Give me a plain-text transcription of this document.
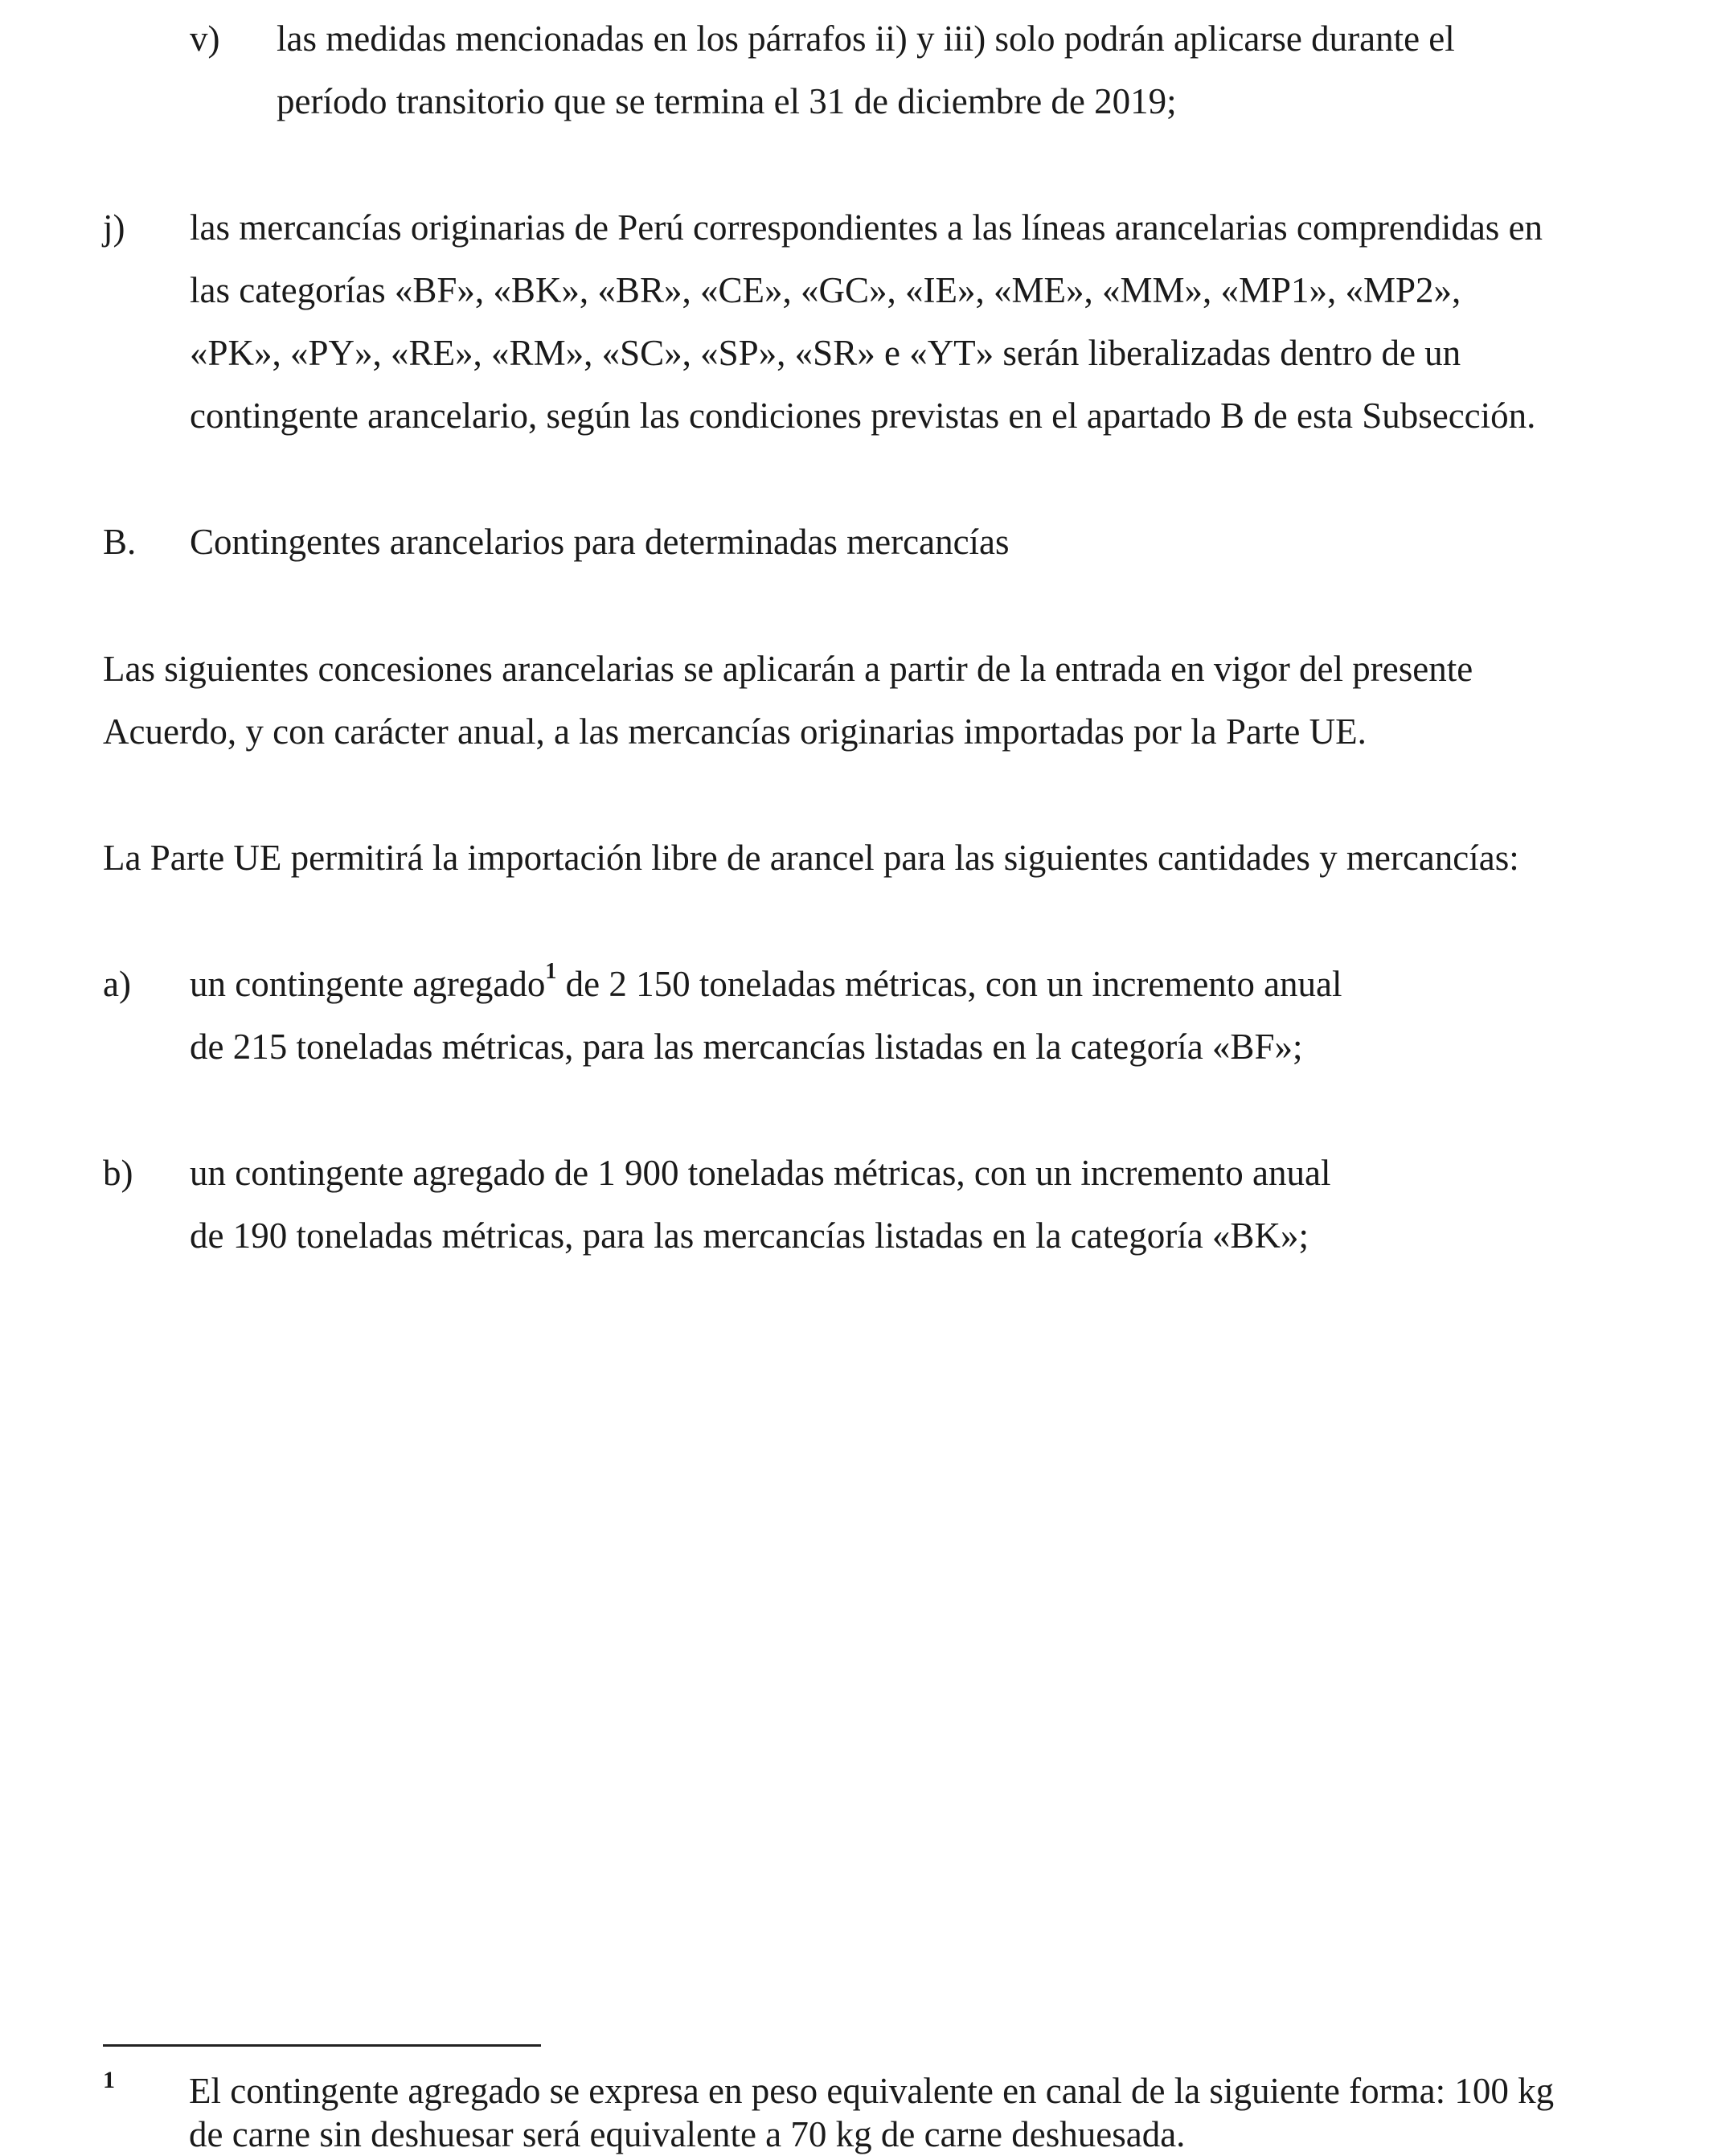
v) las medidas mencionadas en los párrafos ii) y iii) solo podrán aplicarse durante el
período transitorio que se termina el 31 de diciembre de 2019;
j) las mercancías originarias de Perú correspondientes a las líneas arancelarias comprendidas en
las categorías «BF», «BK», «BR», «CE», «GC», «IE», «ME», «MM», «MP1», «MP2»,
«PK», «PY», «RE», «RM», «SC», «SP», «SR» e «YT» serán liberalizadas dentro de un
contingente arancelario, según las condiciones previstas en el apartado B de esta Subsección.
B. Contingentes arancelarios para determinadas mercancías
Las siguientes concesiones arancelarias se aplicarán a partir de la entrada en vigor del presente
Acuerdo, y con carácter anual, a las mercancías originarias importadas por la Parte UE.
La Parte UE permitirá la importación libre de arancel para las siguientes cantidades y mercancías:
a) un contingente agregado$^1$ de 2 150 toneladas métricas, con un incremento anual
de 215 toneladas métricas, para las mercancías listadas en la categoría «BF»;
b) un contingente agregado de 1 900 toneladas métricas, con un incremento anual
de 190 toneladas métricas, para las mercancías listadas en la categoría «BK»;
1 El contingente agregado se expresa en peso equivalente en canal de la siguiente forma: 100 kg
de carne sin deshuesar será equivalente a 70 kg de carne deshuesada.
